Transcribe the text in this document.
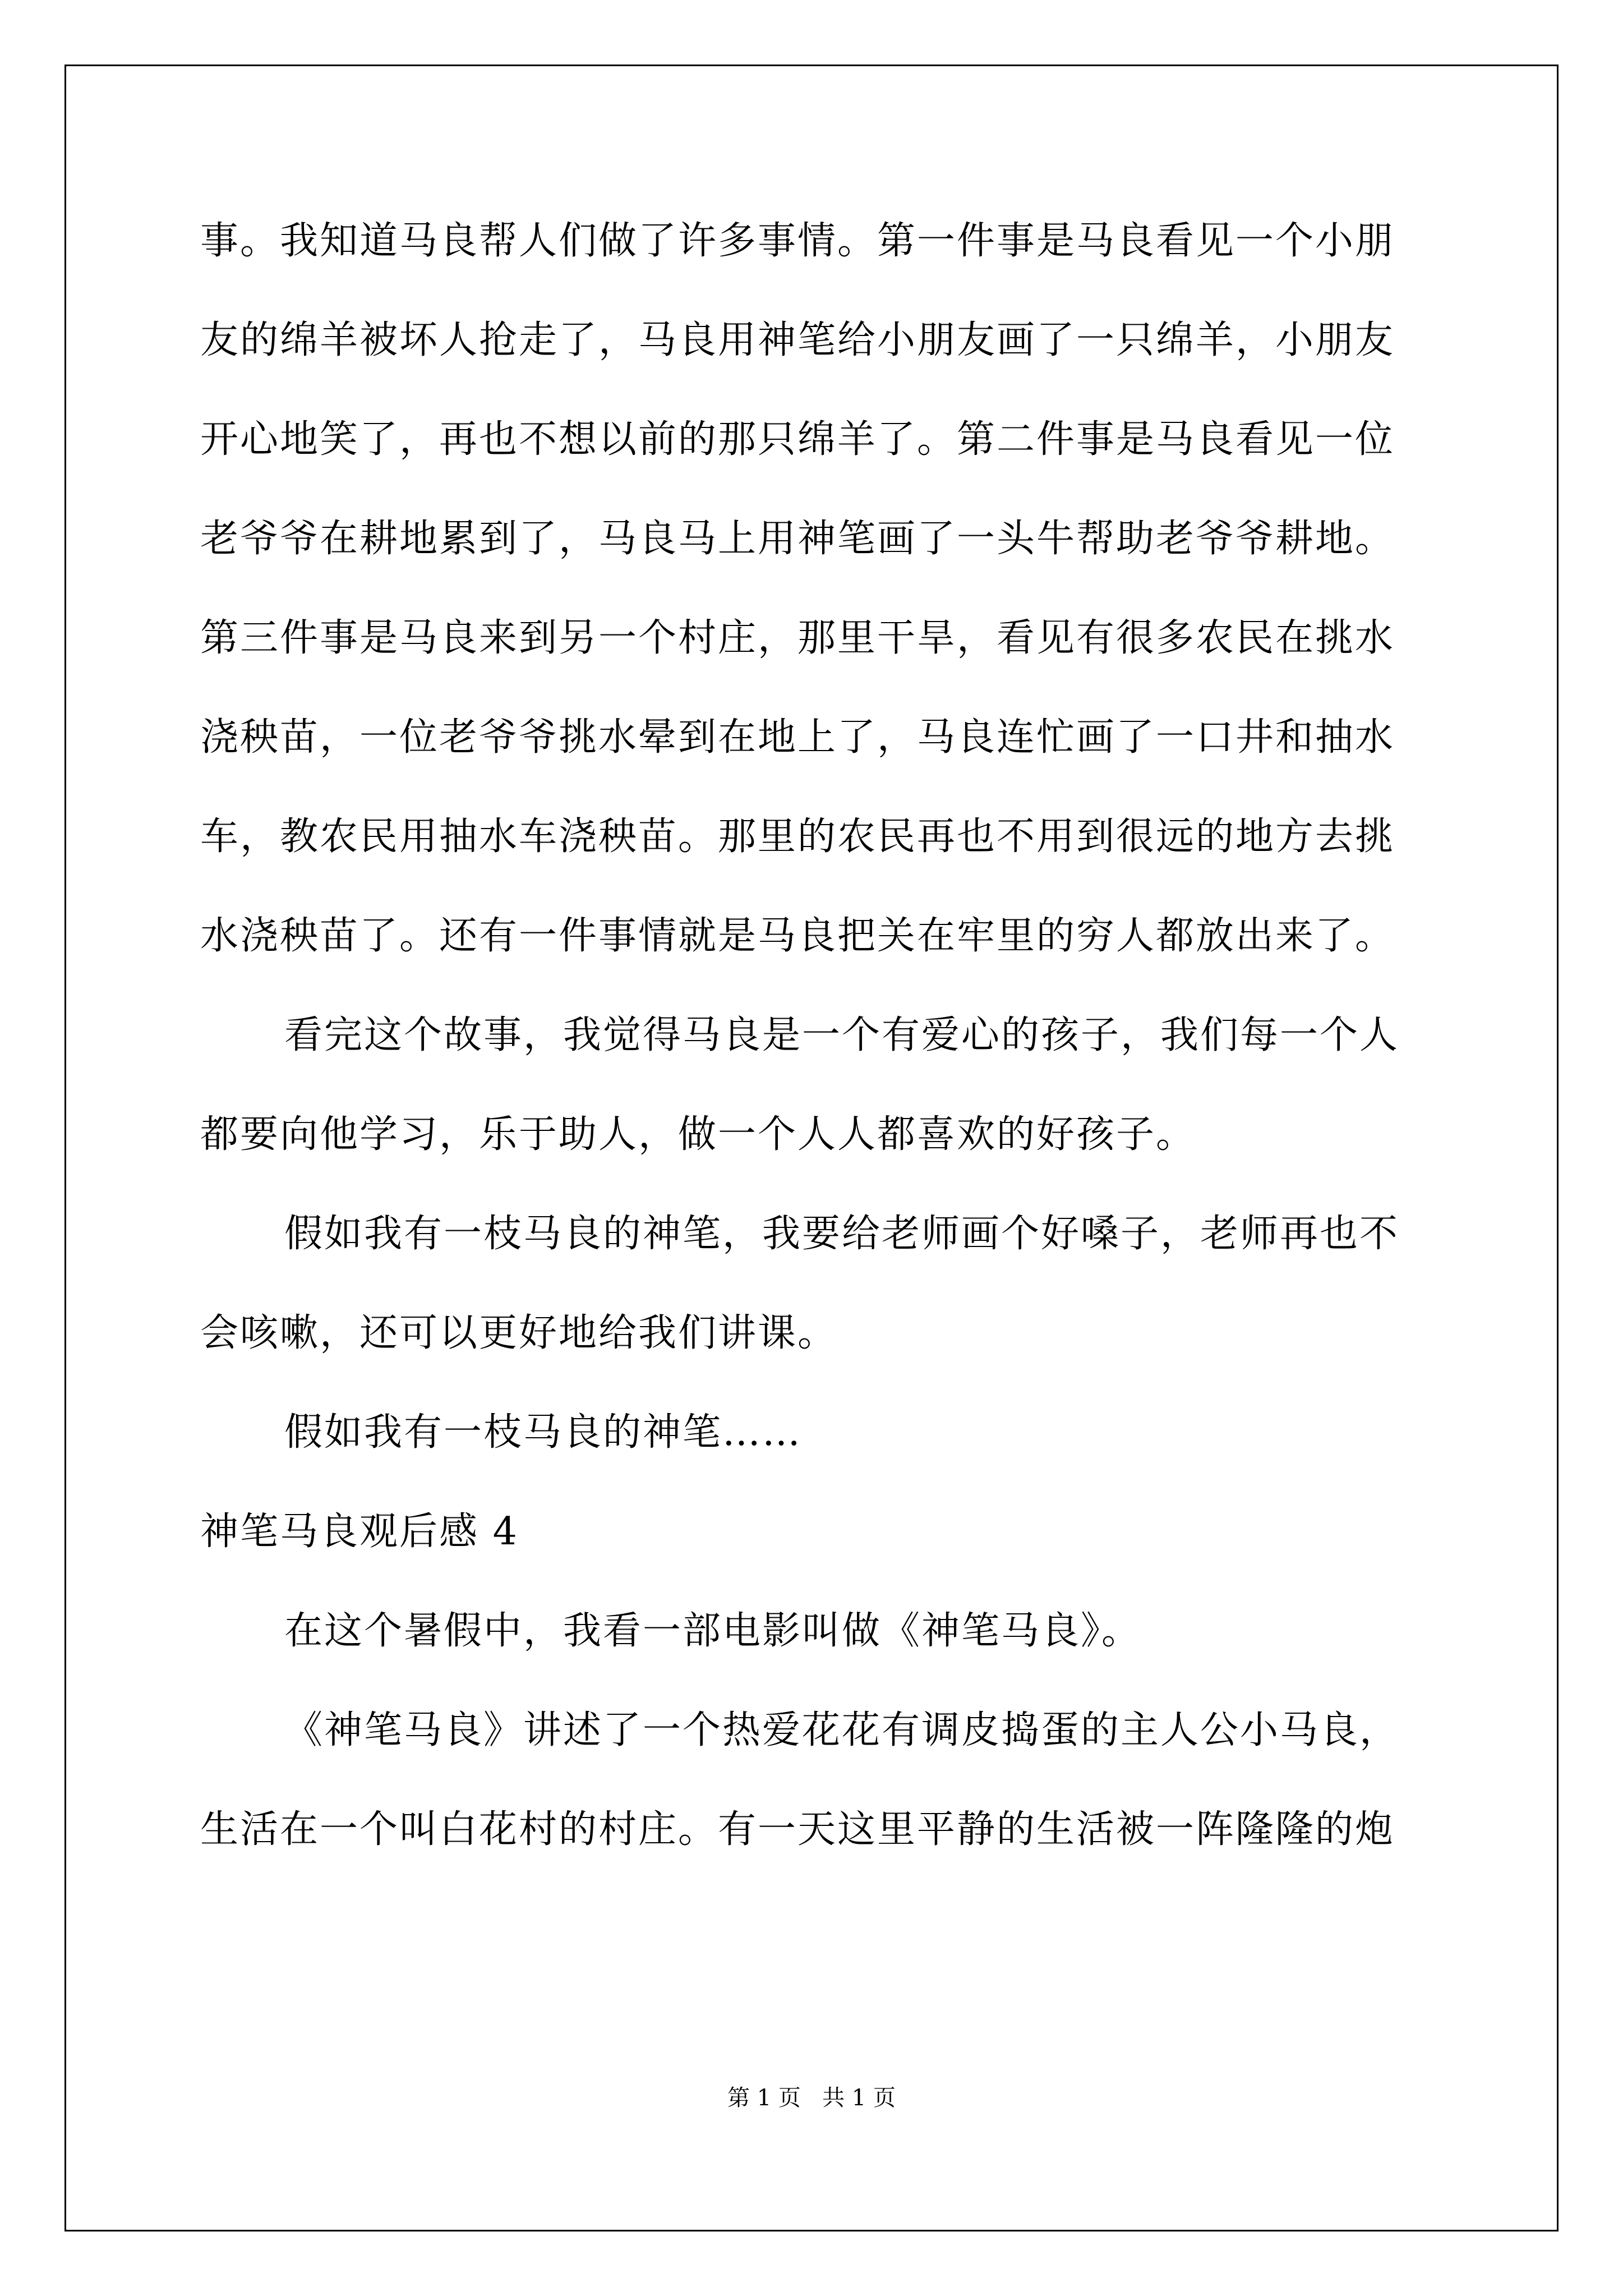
事。我知道马良帮人们做了许多事情。第一件事是马良看见一个小朋
友的绵羊被坏人抢走了，马良用神笔给小朋友画了一只绵羊，小朋友
开心地笑了，再也不想以前的那只绵羊了。第二件事是马良看见一位
老爷爷在耕地累到了，马良马上用神笔画了一头牛帮助老爷爷耕地。
第三件事是马良来到另一个村庄，那里干旱，看见有很多农民在挑水
浇秧苗，一位老爷爷挑水晕到在地上了，马良连忙画了一口井和抽水
车，教农民用抽水车浇秧苗。那里的农民再也不用到很远的地方去挑
水浇秧苗了。还有一件事情就是马良把关在牢里的穷人都放出来了。
看完这个故事，我觉得马良是一个有爱心的孩子，我们每一个人
都要向他学习，乐于助人，做一个人人都喜欢的好孩子。
假如我有一枝马良的神笔，我要给老师画个好嗓子，老师再也不
会咳嗽，还可以更好地给我们讲课。
假如我有一枝马良的神笔……
神笔马良观后感 4
在这个暑假中，我看一部电影叫做《神笔马良》。
《神笔马良》讲述了一个热爱花花有调皮捣蛋的主人公小马良，
生活在一个叫白花村的村庄。有一天这里平静的生活被一阵隆隆的炮
第 1 页   共 1 页
